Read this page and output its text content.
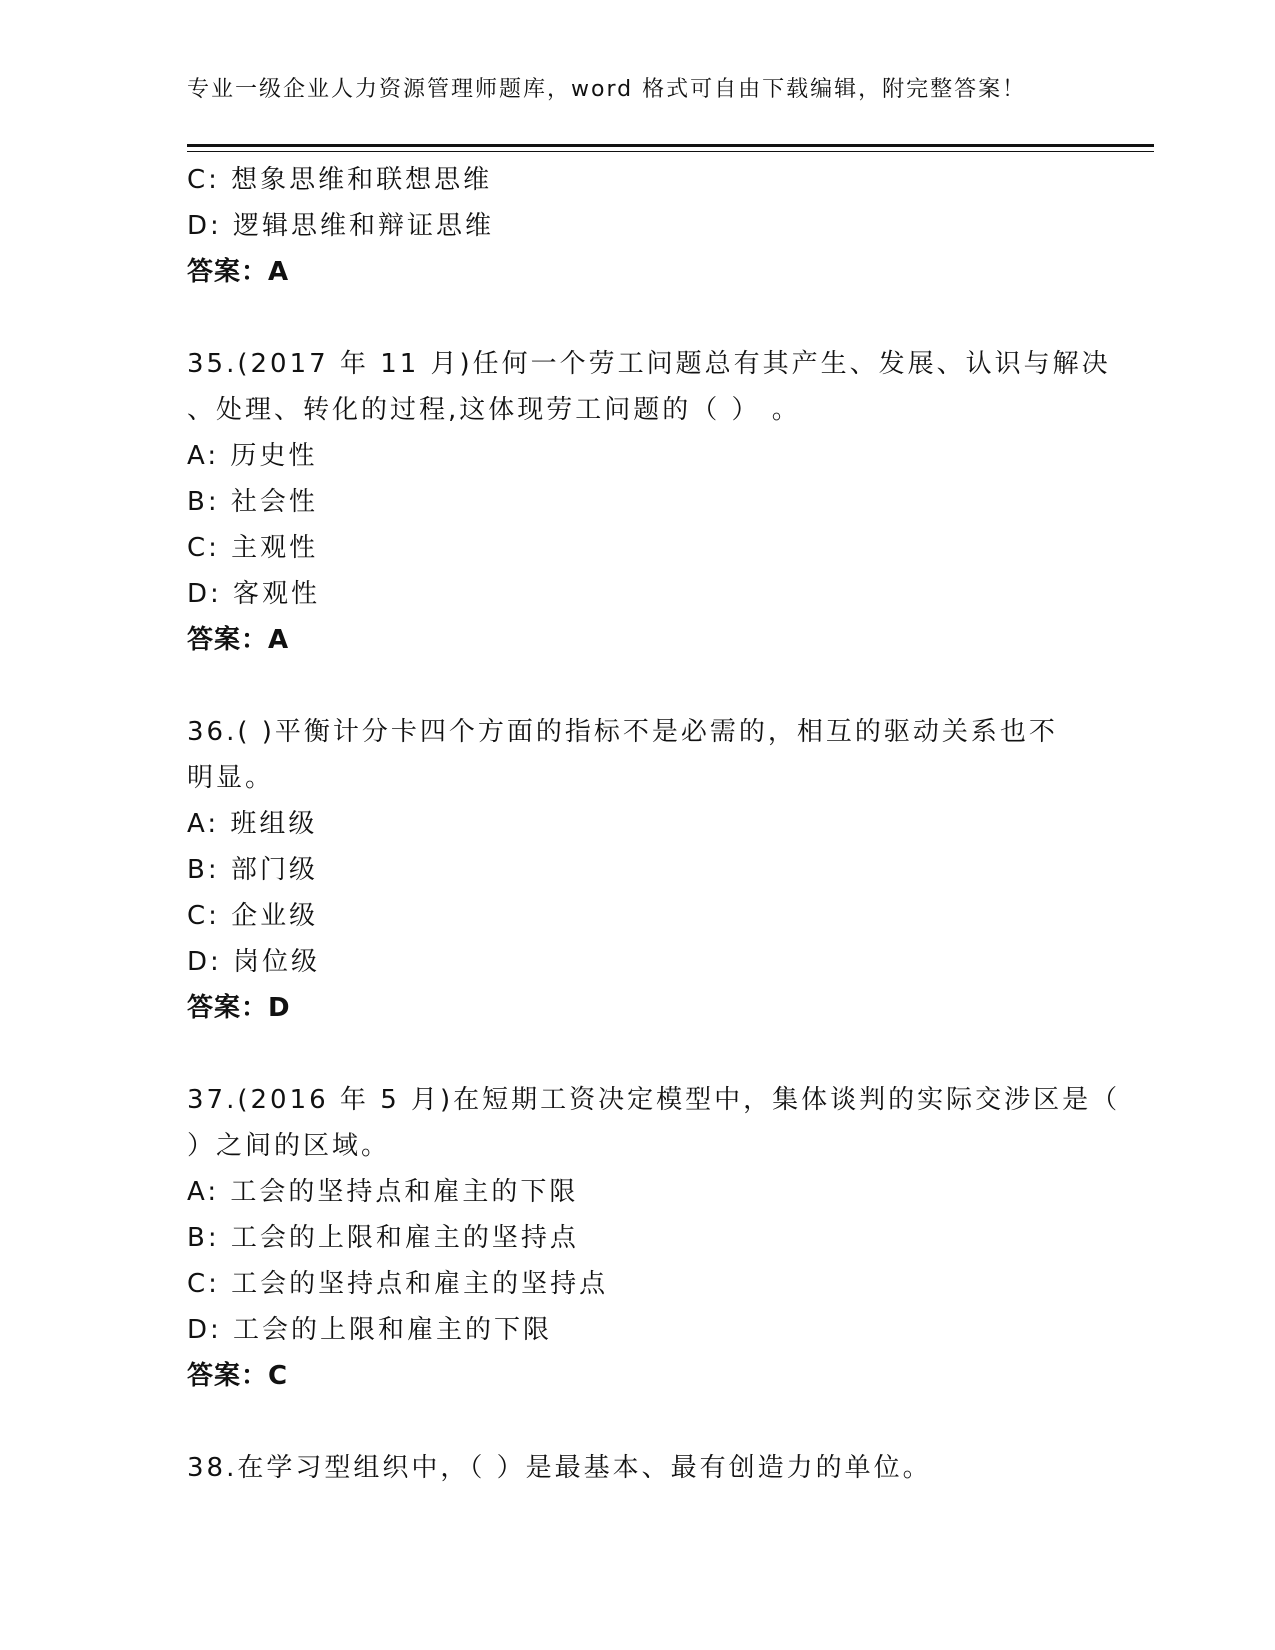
专业一级企业人力资源管理师题库，word 格式可自由下载编辑，附完整答案！
C: 想象思维和联想思维
D: 逻辑思维和辩证思维
答案：A
35.(2017 年 11 月)任何一个劳工问题总有其产生、发展、认识与解决
、处理、转化的过程,这体现劳工问题的（ ） 。
A: 历史性
B: 社会性
C: 主观性
D: 客观性
答案：A
36.( )平衡计分卡四个方面的指标不是必需的，相互的驱动关系也不
明显。
A: 班组级
B: 部门级
C: 企业级
D: 岗位级
答案：D
37.(2016 年 5 月)在短期工资决定模型中，集体谈判的实际交涉区是（
）之间的区域。
A: 工会的坚持点和雇主的下限
B: 工会的上限和雇主的坚持点
C: 工会的坚持点和雇主的坚持点
D: 工会的上限和雇主的下限
答案：C
38.在学习型组织中，（ ）是最基本、最有创造力的单位。
